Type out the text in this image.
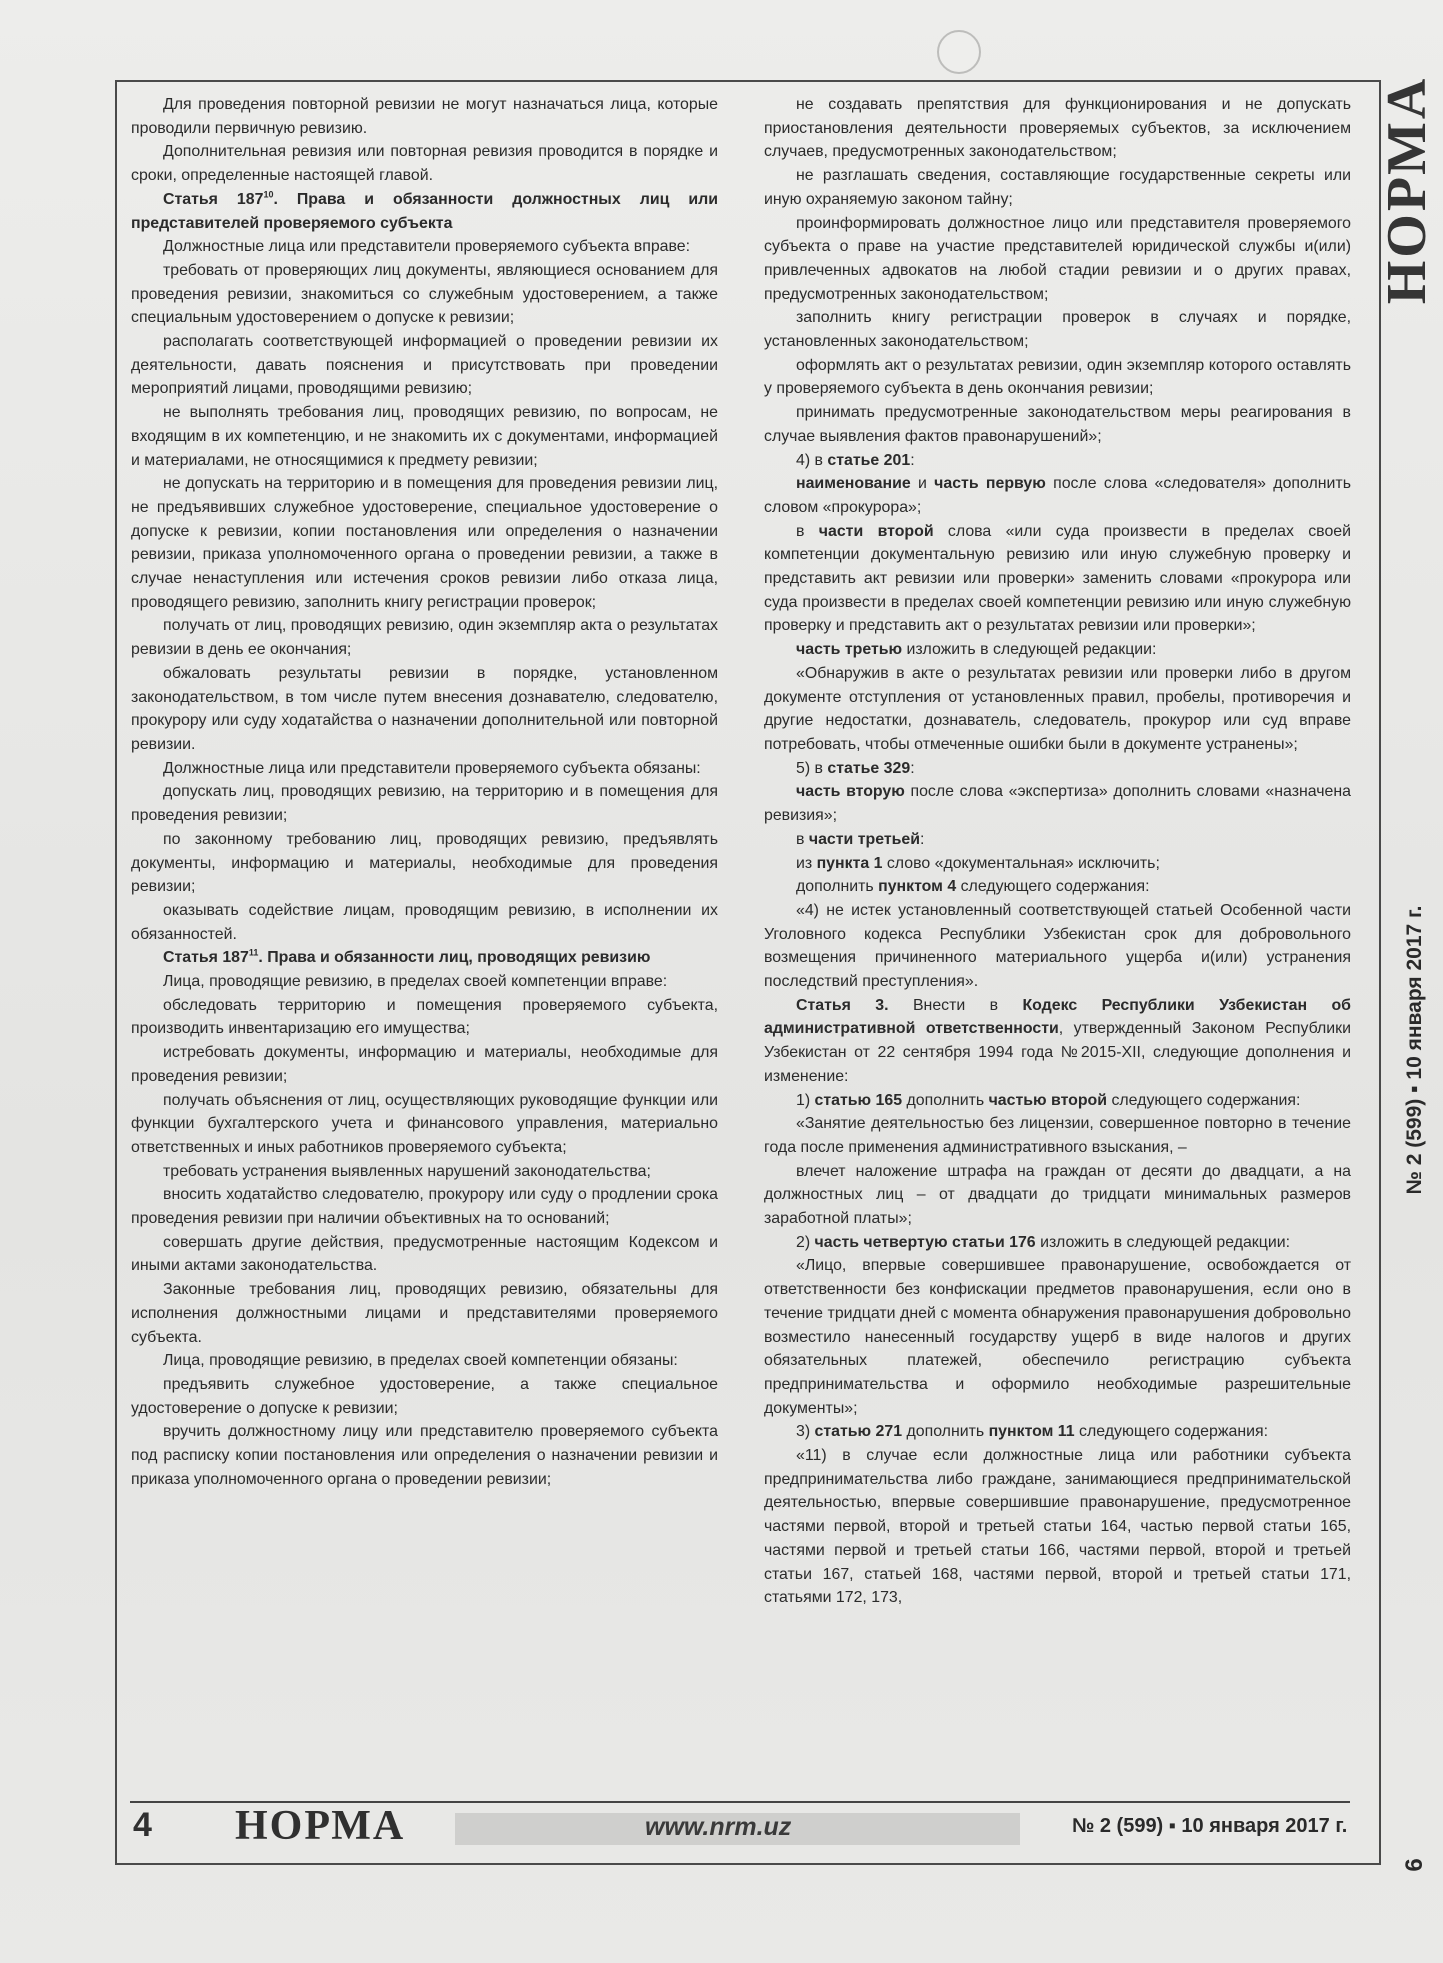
Для проведения повторной ревизии не могут назначаться лица, которые проводили первичную ревизию.

Дополнительная ревизия или повторная ревизия проводится в порядке и сроки, определенные настоящей главой.

Статья $187^{10}$. Права и обязанности должностных лиц или представителей проверяемого субъекта

Должностные лица или представители проверяемого субъекта вправе:

требовать от проверяющих лиц документы, являющиеся основанием для проведения ревизии, знакомиться со служебным удостоверением, а также специальным удостоверением о допуске к ревизии;

располагать соответствующей информацией о проведении ревизии их деятельности, давать пояснения и присутствовать при проведении мероприятий лицами, проводящими ревизию;

не выполнять требования лиц, проводящих ревизию, по вопросам, не входящим в их компетенцию, и не знакомить их с документами, информацией и материалами, не относящимися к предмету ревизии;

не допускать на территорию и в помещения для проведения ревизии лиц, не предъявивших служебное удостоверение, специальное удостоверение о допуске к ревизии, копии постановления или определения о назначении ревизии, приказа уполномоченного органа о проведении ревизии, а также в случае ненаступления или истечения сроков ревизии либо отказа лица, проводящего ревизию, заполнить книгу регистрации проверок;

получать от лиц, проводящих ревизию, один экземпляр акта о результатах ревизии в день ее окончания;

обжаловать результаты ревизии в порядке, установленном законодательством, в том числе путем внесения дознавателю, следователю, прокурору или суду ходатайства о назначении дополнительной или повторной ревизии.

Должностные лица или представители проверяемого субъекта обязаны:

допускать лиц, проводящих ревизию, на территорию и в помещения для проведения ревизии;

по законному требованию лиц, проводящих ревизию, предъявлять документы, информацию и материалы, необходимые для проведения ревизии;

оказывать содействие лицам, проводящим ревизию, в исполнении их обязанностей.

Статья $187^{11}$. Права и обязанности лиц, проводящих ревизию

Лица, проводящие ревизию, в пределах своей компетенции вправе:

обследовать территорию и помещения проверяемого субъекта, производить инвентаризацию его имущества;

истребовать документы, информацию и материалы, необходимые для проведения ревизии;

получать объяснения от лиц, осуществляющих руководящие функции или функции бухгалтерского учета и финансового управления, материально ответственных и иных работников проверяемого субъекта;

требовать устранения выявленных нарушений законодательства;

вносить ходатайство следователю, прокурору или суду о продлении срока проведения ревизии при наличии объективных на то оснований;

совершать другие действия, предусмотренные настоящим Кодексом и иными актами законодательства.

Законные требования лиц, проводящих ревизию, обязательны для исполнения должностными лицами и представителями проверяемого субъекта.

Лица, проводящие ревизию, в пределах своей компетенции обязаны:

предъявить служебное удостоверение, а также специальное удостоверение о допуске к ревизии;

вручить должностному лицу или представителю проверяемого субъекта под расписку копии постановления или определения о назначении ревизии и приказа уполномоченного органа о проведении ревизии;

не создавать препятствия для функционирования и не допускать приостановления деятельности проверяемых субъектов, за исключением случаев, предусмотренных законодательством;

не разглашать сведения, составляющие государственные секреты или иную охраняемую законом тайну;

проинформировать должностное лицо или представителя проверяемого субъекта о праве на участие представителей юридической службы и(или) привлеченных адвокатов на любой стадии ревизии и о других правах, предусмотренных законодательством;

заполнить книгу регистрации проверок в случаях и порядке, установленных законодательством;

оформлять акт о результатах ревизии, один экземпляр которого оставлять у проверяемого субъекта в день окончания ревизии;

принимать предусмотренные законодательством меры реагирования в случае выявления фактов правонарушений»;

4) в статье 201:

наименование и часть первую после слова «следователя» дополнить словом «прокурора»;

в части второй слова «или суда произвести в пределах своей компетенции документальную ревизию или иную служебную проверку и представить акт ревизии или проверки» заменить словами «прокурора или суда произвести в пределах своей компетенции ревизию или иную служебную проверку и представить акт о результатах ревизии или проверки»;

часть третью изложить в следующей редакции:

«Обнаружив в акте о результатах ревизии или проверки либо в другом документе отступления от установленных правил, пробелы, противоречия и другие недостатки, дознаватель, следователь, прокурор или суд вправе потребовать, чтобы отмеченные ошибки были в документе устранены»;

5) в статье 329:

часть вторую после слова «экспертиза» дополнить словами «назначена ревизия»;

в части третьей:

из пункта 1 слово «документальная» исключить;

дополнить пунктом 4 следующего содержания:

«4) не истек установленный соответствующей статьей Особенной части Уголовного кодекса Республики Узбекистан срок для добровольного возмещения причиненного материального ущерба и(или) устранения последствий преступления».

Статья 3. Внести в Кодекс Республики Узбекистан об административной ответственности, утвержденный Законом Республики Узбекистан от 22 сентября 1994 года №2015-XII, следующие дополнения и изменение:

1) статью 165 дополнить частью второй следующего содержания:

«Занятие деятельностью без лицензии, совершенное повторно в течение года после применения административного взыскания, –

влечет наложение штрафа на граждан от десяти до двадцати, а на должностных лиц – от двадцати до тридцати минимальных размеров заработной платы»;

2) часть четвертую статьи 176 изложить в следующей редакции:

«Лицо, впервые совершившее правонарушение, освобождается от ответственности без конфискации предметов правонарушения, если оно в течение тридцати дней с момента обнаружения правонарушения добровольно возместило нанесенный государству ущерб в виде налогов и других обязательных платежей, обеспечило регистрацию субъекта предпринимательства и оформило необходимые разрешительные документы»;

3) статью 271 дополнить пунктом 11 следующего содержания:

«11) в случае если должностные лица или работники субъекта предпринимательства либо граждане, занимающиеся предпринимательской деятельностью, впервые совершившие правонарушение, предусмотренное частями первой, второй и третьей статьи 164, частью первой статьи 165, частями первой и третьей статьи 166, частями первой, второй и третьей статьи 167, статьей 168, частями первой, второй и третьей статьи 171, статьями 172, 173,

НОРМА
№ 2 (599) ▪ 10 января 2017 г.
6
4 НОРМА	www.nrm.uz	№ 2 (599) ▪ 10 января 2017 г.
